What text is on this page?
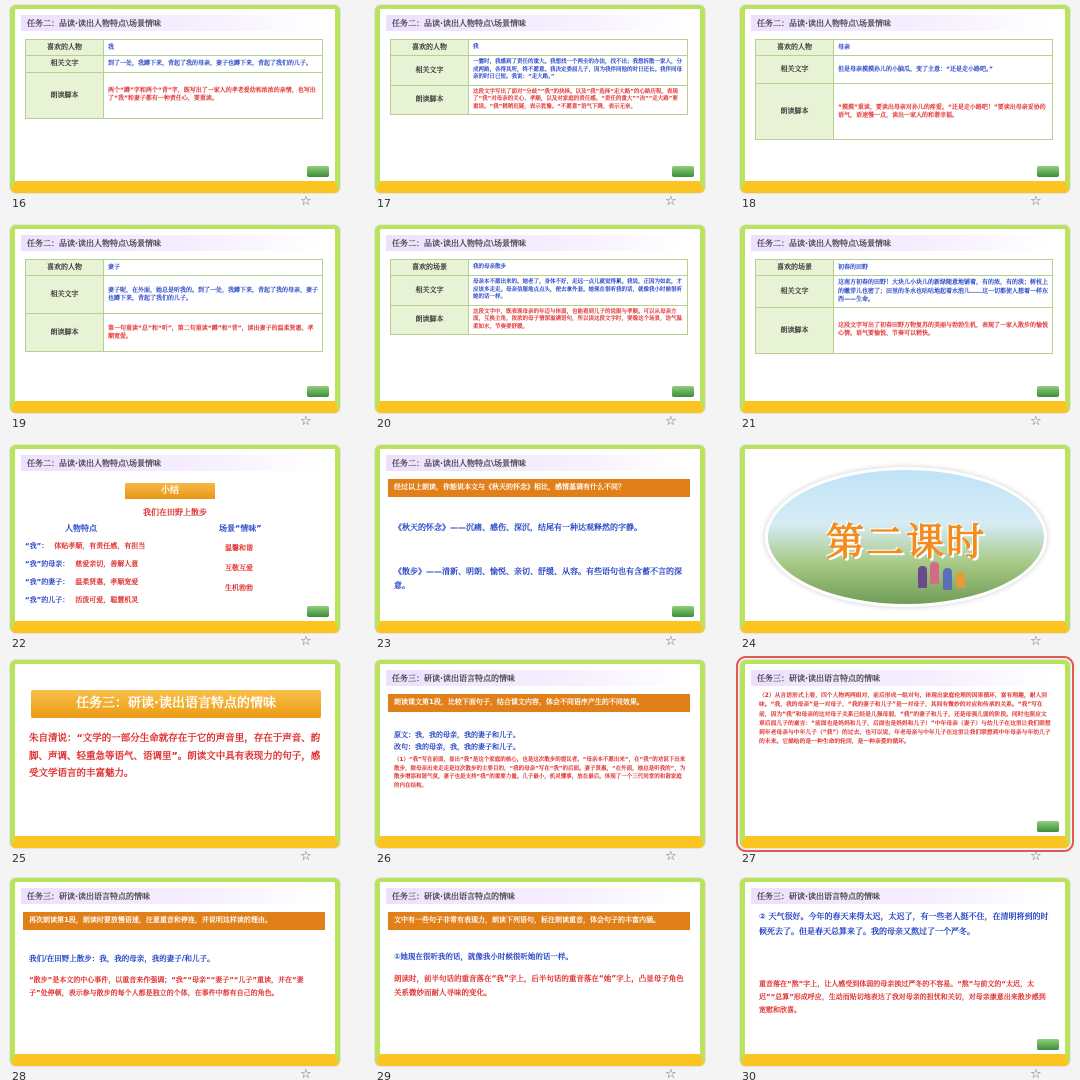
任务二：品读·读出人物特点\场景情味
喜欢的人物	我
相关文字	到了一处，我蹲下来，背起了我的母亲，妻子也蹲下来，背起了我们的儿子。
朗读脚本	两个“蹲”字和两个“背”字，既写出了一家人的孝老爱幼和浓浓的亲情，也写出了“我”和妻子都有一种责任心，要重读。
16	☆
任务二：品读·读出人物特点\场景情味
喜欢的人物	我
相关文字	一霎时，我感到了责任的重大。我想找一个两全的办法，找不出；我想拆散一家人，分成两路，各得其所，终不愿意。我决定委屈儿子，因为我伴同他的时日还长。我伴同母亲的时日已短。我说：“走大路。”
朗读脚本	这段文字写出了面对“分歧”“我”的抉择。以及“我”选择“走大路”的心路历程。表现了“我”对母亲的关心、孝顺，以及对家庭的责任感。“责任的重大”“决”“走大路”要重读。“我”稍稍迟疑，表示犹豫。“不愿意”语气下降，表示无奈。
17	☆
任务二：品读·读出人物特点\场景情味
喜欢的人物	母亲
相关文字	但是母亲摸摸孙儿的小脑瓜，变了主意：“还是走小路吧。”
朗读脚本	“摸摸”重读，要读出母亲对孙儿的疼爱。“还是走小路吧！”要读出母亲妥协的语气，语速慢一点，读出一家人的和谐幸福。
18	☆
任务二：品读·读出人物特点\场景情味
喜欢的人物	妻子
相关文字	妻子呢，在外面，她总是听我的。到了一处，我蹲下来，背起了我的母亲，妻子也蹲下来，背起了我们的儿子。
朗读脚本	第一句重读“总”和“听”，第二句重读“蹲”和“背”，读出妻子的温柔贤惠、孝顺宽爱。
19	☆
任务二：品读·读出人物特点\场景情味
喜欢的场景	我的母亲散步
相关文字	母亲本不愿出来的。她老了，身体不好，走远一点儿就觉得累。我说，正因为如此，才应该多走走。母亲信服地点点头，便去拿外套。她现在很听我的话，就像我小时候很听她的话一样。
朗读脚本	这段文字中，既表现母亲的年迈与体弱，也能看到儿子的说服与孝顺。可以从母亲方面，互换主角，浓浓的母子情深溢满语句，所以读这段文字时，要像这个场景，语气温柔如水，节奏要舒缓。
20	☆
任务二：品读·读出人物特点\场景情味
喜欢的场景	初春的田野
相关文字	这南方初春的田野！大块儿小块儿的新绿随意地铺着，有的浓，有的淡；树枝上的嫩芽儿也密了；田里的冬水也咕咕地起着水泡儿……这一切都使人想着一样东西——生命。
朗读脚本	这段文字写出了初春田野万物复苏的美丽与勃勃生机，表现了一家人散步的愉悦心情。语气要愉悦，节奏可以稍快。
21	☆
任务二：品读·读出人物特点\场景情味
小结
我们在田野上散步
人物特点	场景“情味”
“我”： 体贴孝顺，有责任感，有担当
“我”的母亲： 慈爱亲切，善解人意
“我”的妻子： 温柔贤惠，孝顺宽爱
“我”的儿子： 活泼可爱，聪慧机灵
温馨和谐
互敬互爱
生机勃勃
22	☆
任务二：品读·读出人物特点\场景情味
经过以上朗读，你能说本文与《秋天的怀念》相比，感情基调有什么不同？
《秋天的怀念》——沉痛、感伤、深沉，结尾有一种达观释然的字静。
《散步》——清新、明朗、愉悦、亲切、舒缓、从容。有些语句也有含蓄不言的深意。
23	☆
第二课时
24	☆
任务三：研读·读出语言特点的情味
朱自清说：“文学的一部分生命就存在于它的声音里，存在于声音、韵脚、声调、轻重急等语气、语调里”。朗读文中具有表现力的句子，感受文学语言的丰富魅力。
25	☆
任务三：研读·读出语言特点的情味
朗读课文第1段，比较下面句子，结合课文内容，体会不同语序产生的不同效果。
原文：我，我的母亲，我的妻子和儿子。
改句：我的母亲，我，我的妻子和儿子。
（1）“我”写在前面，显出“我”是这个家庭的核心，也是这次散步的提议者。“母亲本不愿出来”，在“我”的劝说下出来散步，除母亲出来走走是这次散步的主要目的，“我的母亲”写在“我”的后面。妻子贤惠，“在外面，她总是听我的”，为散步增添和谐气氛，妻子也是支持“我”的重要力量。儿子最小，机灵懂事，放在最后。体现了一个三代同堂的和谐家庭的内在结构。
26	☆
任务三：研读·读出语言特点的情味
（2）从言语形式上看，四个人物两两组对，前后形成一组对句，体现出家庭伦理的因果循环，富有理趣，耐人回味。“我，我的母亲”是一对母子，“我的妻子和儿子”是一对母子，其间有微妙的对应和传承的关系。“我”写在前，因为“我”和母亲的这对母子关系已经是儿强母弱，“我”的妻子和儿子，还是母强儿弱的阶段。同时也照应文章后面儿子的童言：“前面也是妈妈和儿子，后面也是妈妈和儿子！”中年母亲（妻子）与幼儿子在这里让我们联想到年老母亲与中年儿子（“我”）的过去，也可以说，年老母亲与中年儿子在这里让我们联想到中年母亲与年幼儿子的未来。它描绘的是一种生命的轮回，是一种亲爱的循环。
27	☆
任务三：研读·读出语言特点的情味
再次朗读第1段，朗读时要放慢语速，注意重音和停连，并说明这样读的理由。
我们/在田野上散步：我，我的母亲，我的妻子/和儿子。
“散步”是本文的中心事件，以重音来作强调；“我”“母亲”“妻子”“儿子”重读，并在“妻子”处停顿，表示参与散步的每个人都是独立的个体，在事件中都有自己的角色。
28	☆
任务三：研读·读出语言特点的情味
文中有一些句子非常有表现力，朗读下列语句，标注朗读重音，体会句子的丰富内涵。
①她现在很听我的话，就像我小时候很听她的话一样。
朗读时，前半句话的重音落在“我”字上，后半句话的重音落在“她”字上，凸显母子角色关系微妙而耐人寻味的变化。
29	☆
任务三：研读·读出语言特点的情味
② 天气很好。今年的春天来得太迟，太迟了，有一些老人挺不住，在清明将到的时候死去了。但是春天总算来了。我的母亲又熬过了一个严冬。
重音落在“熬”字上，让人感受到体弱的母亲挨过严冬的不容易。“熬”与前文的“太迟，太迟”“总算”形成呼应，生动而贴切地表达了我对母亲的担忧和关切，对母亲康意出来散步感到宽慰和欣喜。
30	☆
